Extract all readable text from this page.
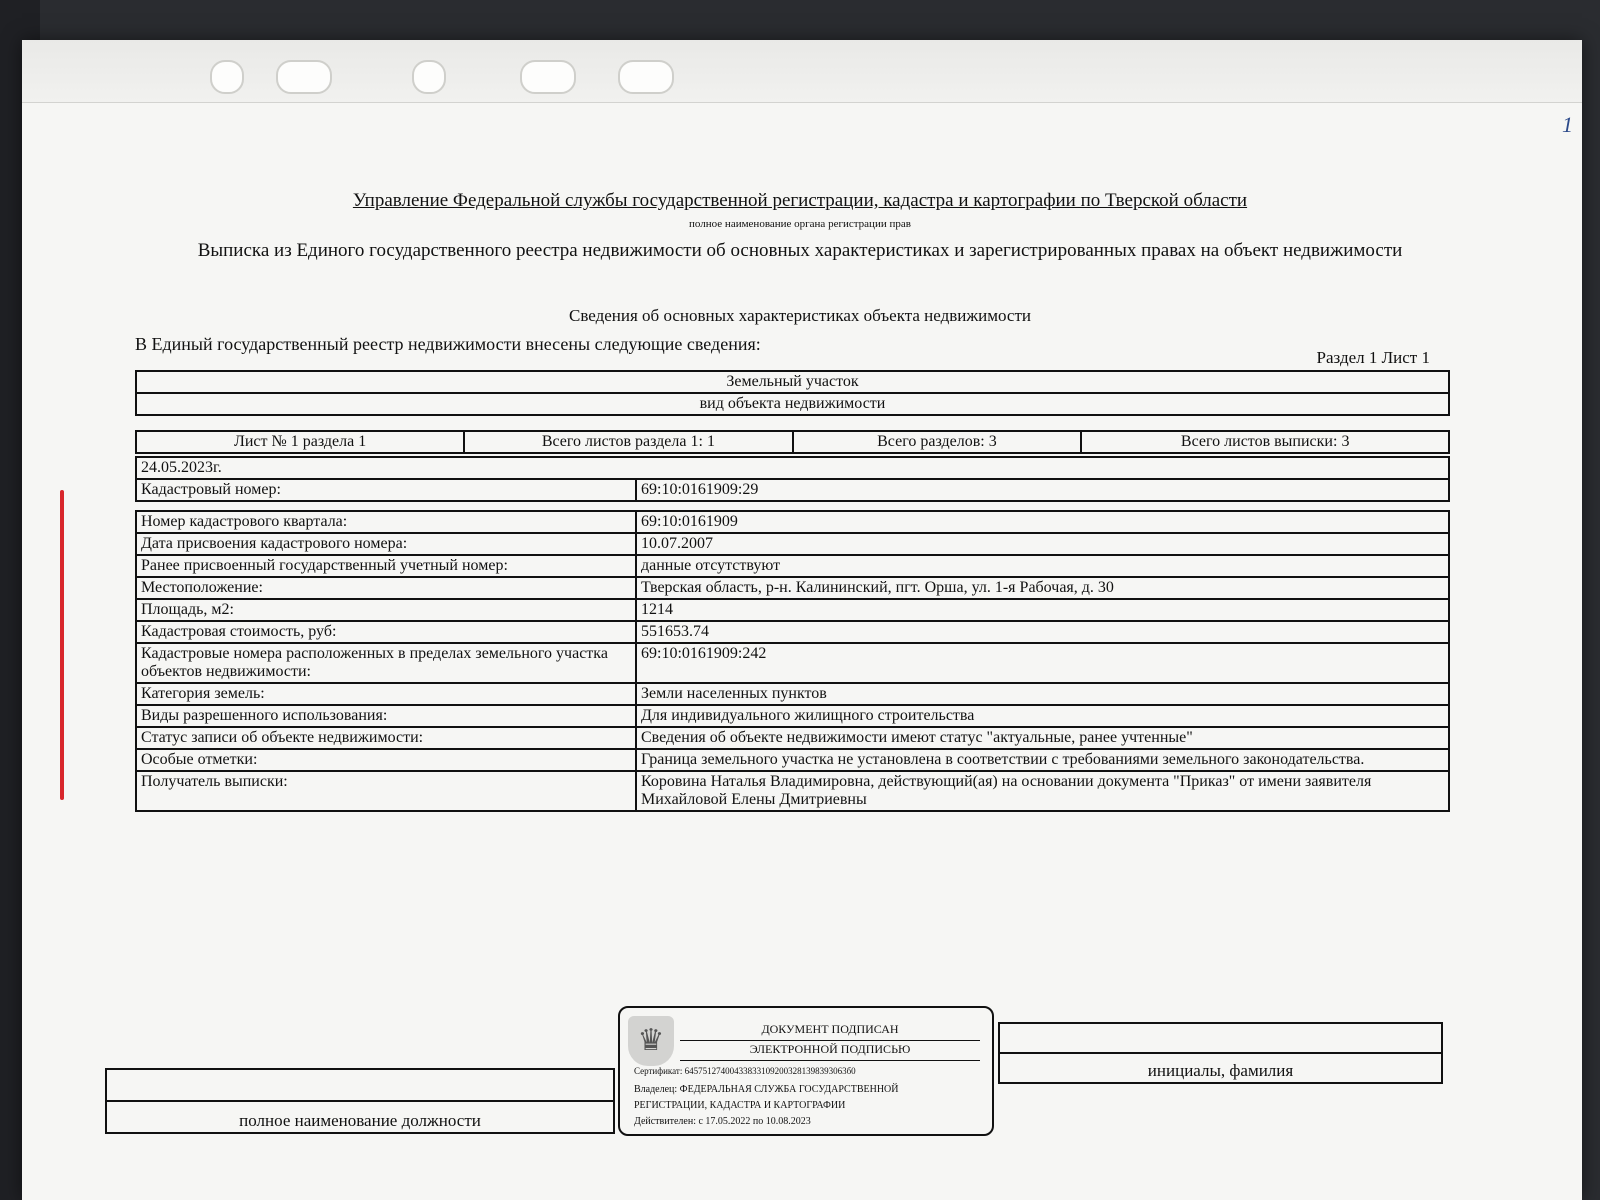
1
Управление Федеральной службы государственной регистрации, кадастра и картографии по Тверской области
полное наименование органа регистрации прав
Выписка из Единого государственного реестра недвижимости об основных характеристиках и зарегистрированных правах на объект недвижимости
Сведения об основных характеристиках объекта недвижимости
В Единый государственный реестр недвижимости внесены следующие сведения:
Раздел 1 Лист 1
Земельный участок
вид объекта недвижимости
Лист № 1 раздела 1	Всего листов раздела 1: 1	Всего разделов: 3	Всего листов выписки: 3
24.05.2023г.
Кадастровый номер:	69:10:0161909:29
Номер кадастрового квартала:	69:10:0161909
Дата присвоения кадастрового номера:	10.07.2007
Ранее присвоенный государственный учетный номер:	данные отсутствуют
Местоположение:	Тверская область, р-н. Калининский, пгт. Орша, ул. 1-я Рабочая, д. 30
Площадь, м2:	1214
Кадастровая стоимость, руб:	551653.74
Кадастровые номера расположенных в пределах земельного участка объектов недвижимости:	69:10:0161909:242
Категория земель:	Земли населенных пунктов
Виды разрешенного использования:	Для индивидуального жилищного строительства
Статус записи об объекте недвижимости:	Сведения об объекте недвижимости имеют статус "актуальные, ранее учтенные"
Особые отметки:	Граница земельного участка не установлена в соответствии с требованиями земельного законодательства.
Получатель выписки:	Коровина Наталья Владимировна, действующий(ая) на основании документа "Приказ" от имени заявителя Михайловой Елены Дмитриевны

полное наименование должности

инициалы, фамилия
♛	ДОКУМЕНТ ПОДПИСАН
ЭЛЕКТРОННОЙ ПОДПИСЬЮ
Сертификат: 645751274004338331092003281398393063б0
Владелец: ФЕДЕРАЛЬНАЯ СЛУЖБА ГОСУДАРСТВЕННОЙ
РЕГИСТРАЦИИ, КАДАСТРА И КАРТОГРАФИИ
Действителен: с 17.05.2022 по 10.08.2023
